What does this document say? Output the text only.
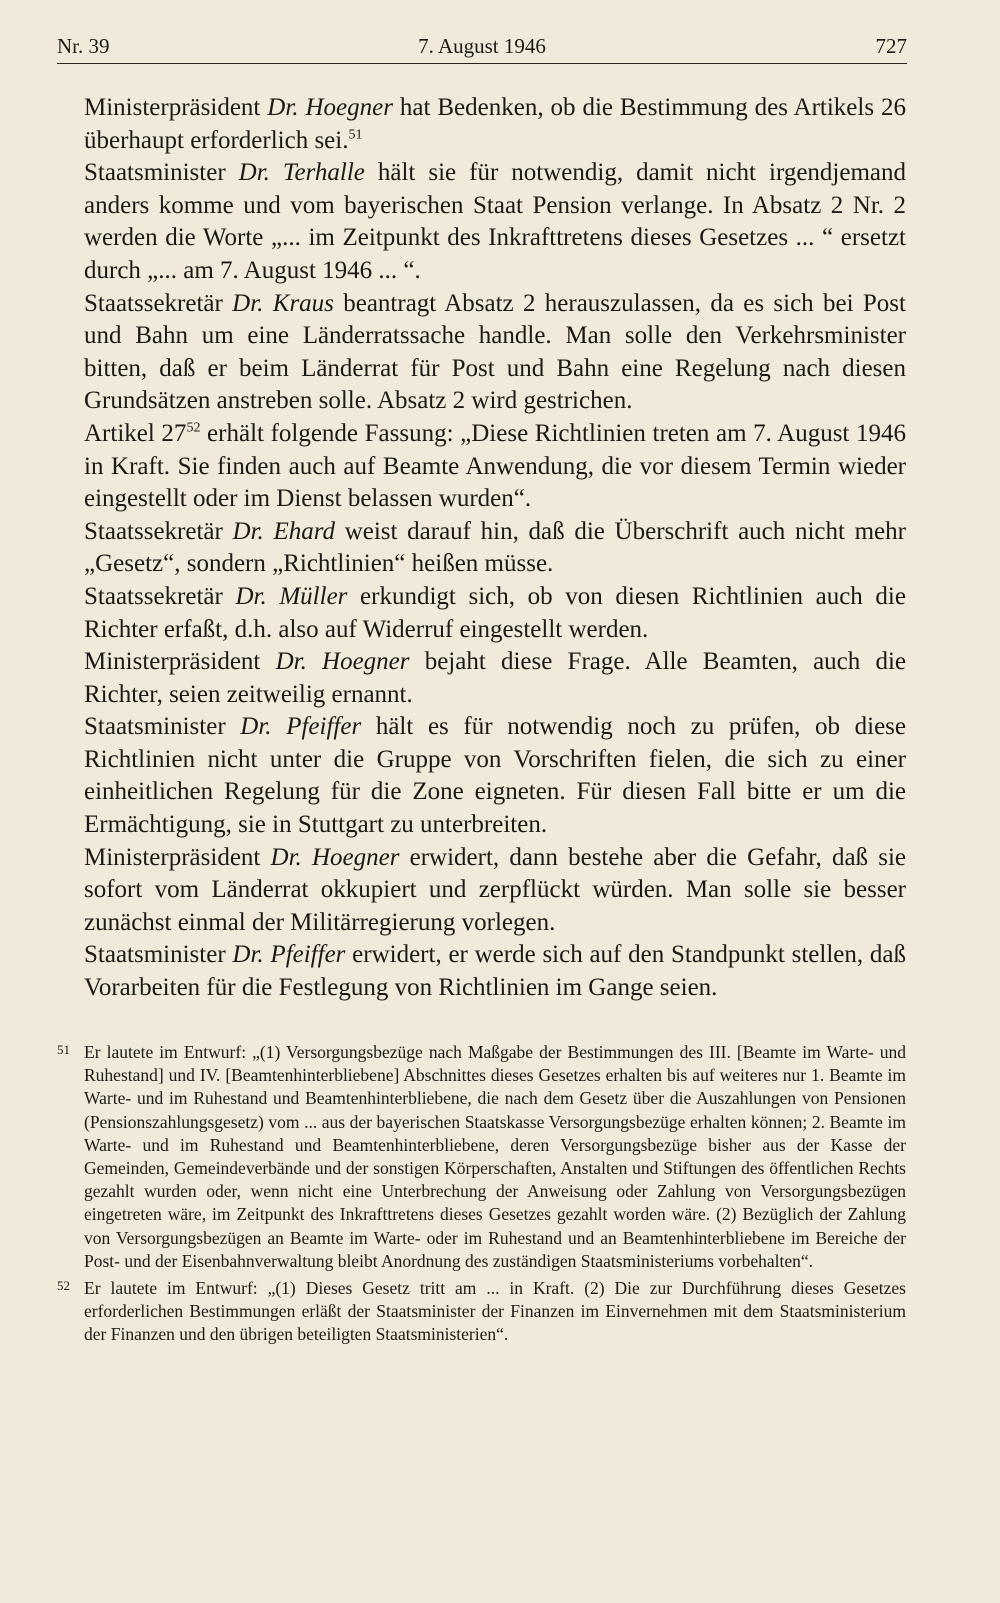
Nr. 39	7. August 1946	727

Ministerpräsident Dr. Hoegner hat Bedenken, ob die Bestimmung des Artikels 26 überhaupt erforderlich sei.$^{51}$

Staatsminister Dr. Terhalle hält sie für notwendig, damit nicht irgendjemand anders komme und vom bayerischen Staat Pension verlange. In Absatz 2 Nr. 2 werden die Worte „... im Zeitpunkt des Inkrafttretens dieses Gesetzes ... “ ersetzt durch „... am 7. August 1946 ... “.

Staatssekretär Dr. Kraus beantragt Absatz 2 herauszulassen, da es sich bei Post und Bahn um eine Länderratssache handle. Man solle den Verkehrsminister bitten, daß er beim Länderrat für Post und Bahn eine Regelung nach diesen Grundsätzen anstreben solle. Absatz 2 wird gestrichen.

Artikel $27^{52}$ erhält folgende Fassung: „Diese Richtlinien treten am 7. August 1946 in Kraft. Sie finden auch auf Beamte Anwendung, die vor diesem Termin wieder eingestellt oder im Dienst belassen wurden“.

Staatssekretär Dr. Ehard weist darauf hin, daß die Überschrift auch nicht mehr „Gesetz“, sondern „Richtlinien“ heißen müsse.

Staatssekretär Dr. Müller erkundigt sich, ob von diesen Richtlinien auch die Richter erfaßt, d.h. also auf Widerruf eingestellt werden.

Ministerpräsident Dr. Hoegner bejaht diese Frage. Alle Beamten, auch die Richter, seien zeitweilig ernannt.

Staatsminister Dr. Pfeiffer hält es für notwendig noch zu prüfen, ob diese Richtlinien nicht unter die Gruppe von Vorschriften fielen, die sich zu einer einheitlichen Regelung für die Zone eigneten. Für diesen Fall bitte er um die Ermächtigung, sie in Stuttgart zu unterbreiten.

Ministerpräsident Dr. Hoegner erwidert, dann bestehe aber die Gefahr, daß sie sofort vom Länderrat okkupiert und zerpflückt würden. Man solle sie besser zunächst einmal der Militärregierung vorlegen.

Staatsminister Dr. Pfeiffer erwidert, er werde sich auf den Standpunkt stellen, daß Vorarbeiten für die Festlegung von Richtlinien im Gange seien.

51 Er lautete im Entwurf: „(1) Versorgungsbezüge nach Maßgabe der Bestimmungen des III. [Beamte im Warte- und Ruhestand] und IV. [Beamtenhinterbliebene] Abschnittes dieses Gesetzes erhalten bis auf weiteres nur 1. Beamte im Warte- und im Ruhestand und Beamtenhinterbliebene, die nach dem Gesetz über die Auszahlungen von Pensionen (Pensionszahlungsgesetz) vom ... aus der bayerischen Staatskasse Versorgungsbezüge erhalten können; 2. Beamte im Warte- und im Ruhestand und Beamtenhinterbliebene, deren Versorgungsbezüge bisher aus der Kasse der Gemeinden, Gemeindeverbände und der sonstigen Körperschaften, Anstalten und Stiftungen des öffentlichen Rechts gezahlt wurden oder, wenn nicht eine Unterbrechung der Anweisung oder Zahlung von Versorgungsbezügen eingetreten wäre, im Zeitpunkt des Inkrafttretens dieses Gesetzes gezahlt worden wäre. (2) Bezüglich der Zahlung von Versorgungsbezügen an Beamte im Warte- oder im Ruhestand und an Beamtenhinterbliebene im Bereiche der Post- und der Eisenbahnverwaltung bleibt Anordnung des zuständigen Staatsministeriums vorbehalten“.

52 Er lautete im Entwurf: „(1) Dieses Gesetz tritt am ... in Kraft. (2) Die zur Durchführung dieses Gesetzes erforderlichen Bestimmungen erläßt der Staatsminister der Finanzen im Einvernehmen mit dem Staatsministerium der Finanzen und den übrigen beteiligten Staatsministerien“.
